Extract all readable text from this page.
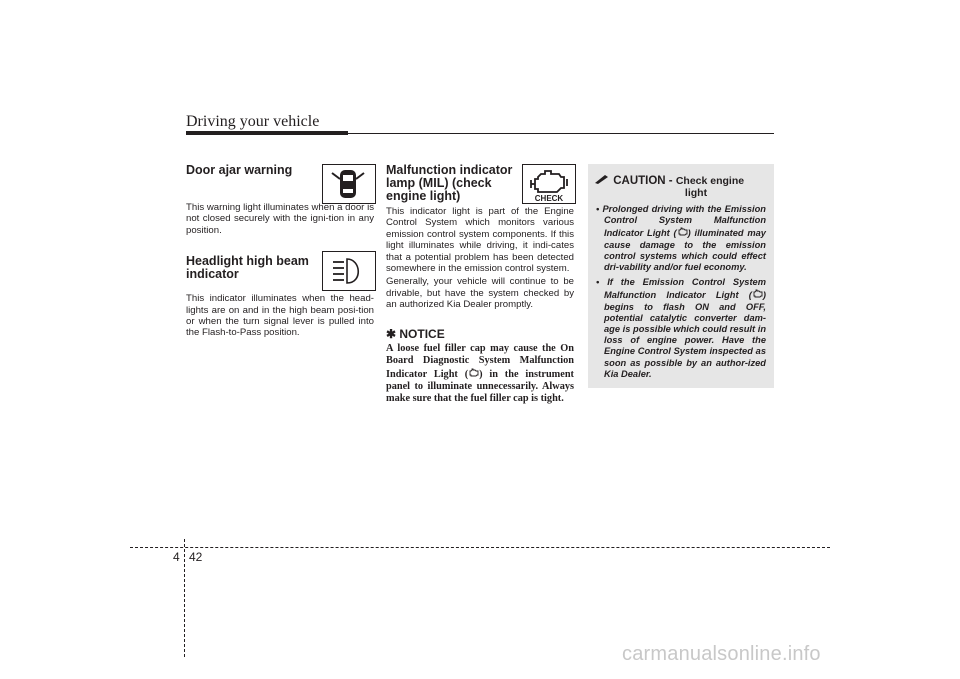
Driving your vehicle
Door ajar warning

This warning light illuminates when a door is not closed securely with the igni-tion in any position.

Headlight high beam
indicator

This indicator illuminates when the head-lights are on and in the high beam posi-tion or when the turn signal lever is pulled into the Flash-to-Pass position.

CHECK
Malfunction indicator
lamp (MIL) (check
engine light)

This indicator light is part of the Engine Control System which monitors various emission control system components. If this light illuminates while driving, it indi-cates that a potential problem has been detected somewhere in the emission control system.

Generally, your vehicle will continue to be drivable, but have the system checked by an authorized Kia Dealer promptly.

✱ NOTICE

A loose fuel filler cap may cause the On Board Diagnostic System Malfunction Indicator Light ( ) in the instrument panel to illuminate unnecessarily. Always make sure that the fuel filler cap is tight.

CAUTION - Check engine
light
• Prolonged driving with the Emission Control System Malfunction Indicator Light ( ) illuminated may cause damage to the emission control systems which could effect dri-vability and/or fuel economy.
• If the Emission Control System Malfunction Indicator Light ( ) begins to flash ON and OFF, potential catalytic converter dam-age is possible which could result in loss of engine power. Have the Engine Control System inspected as soon as possible by an author-ized Kia Dealer.
4 42
carmanualsonline.info
